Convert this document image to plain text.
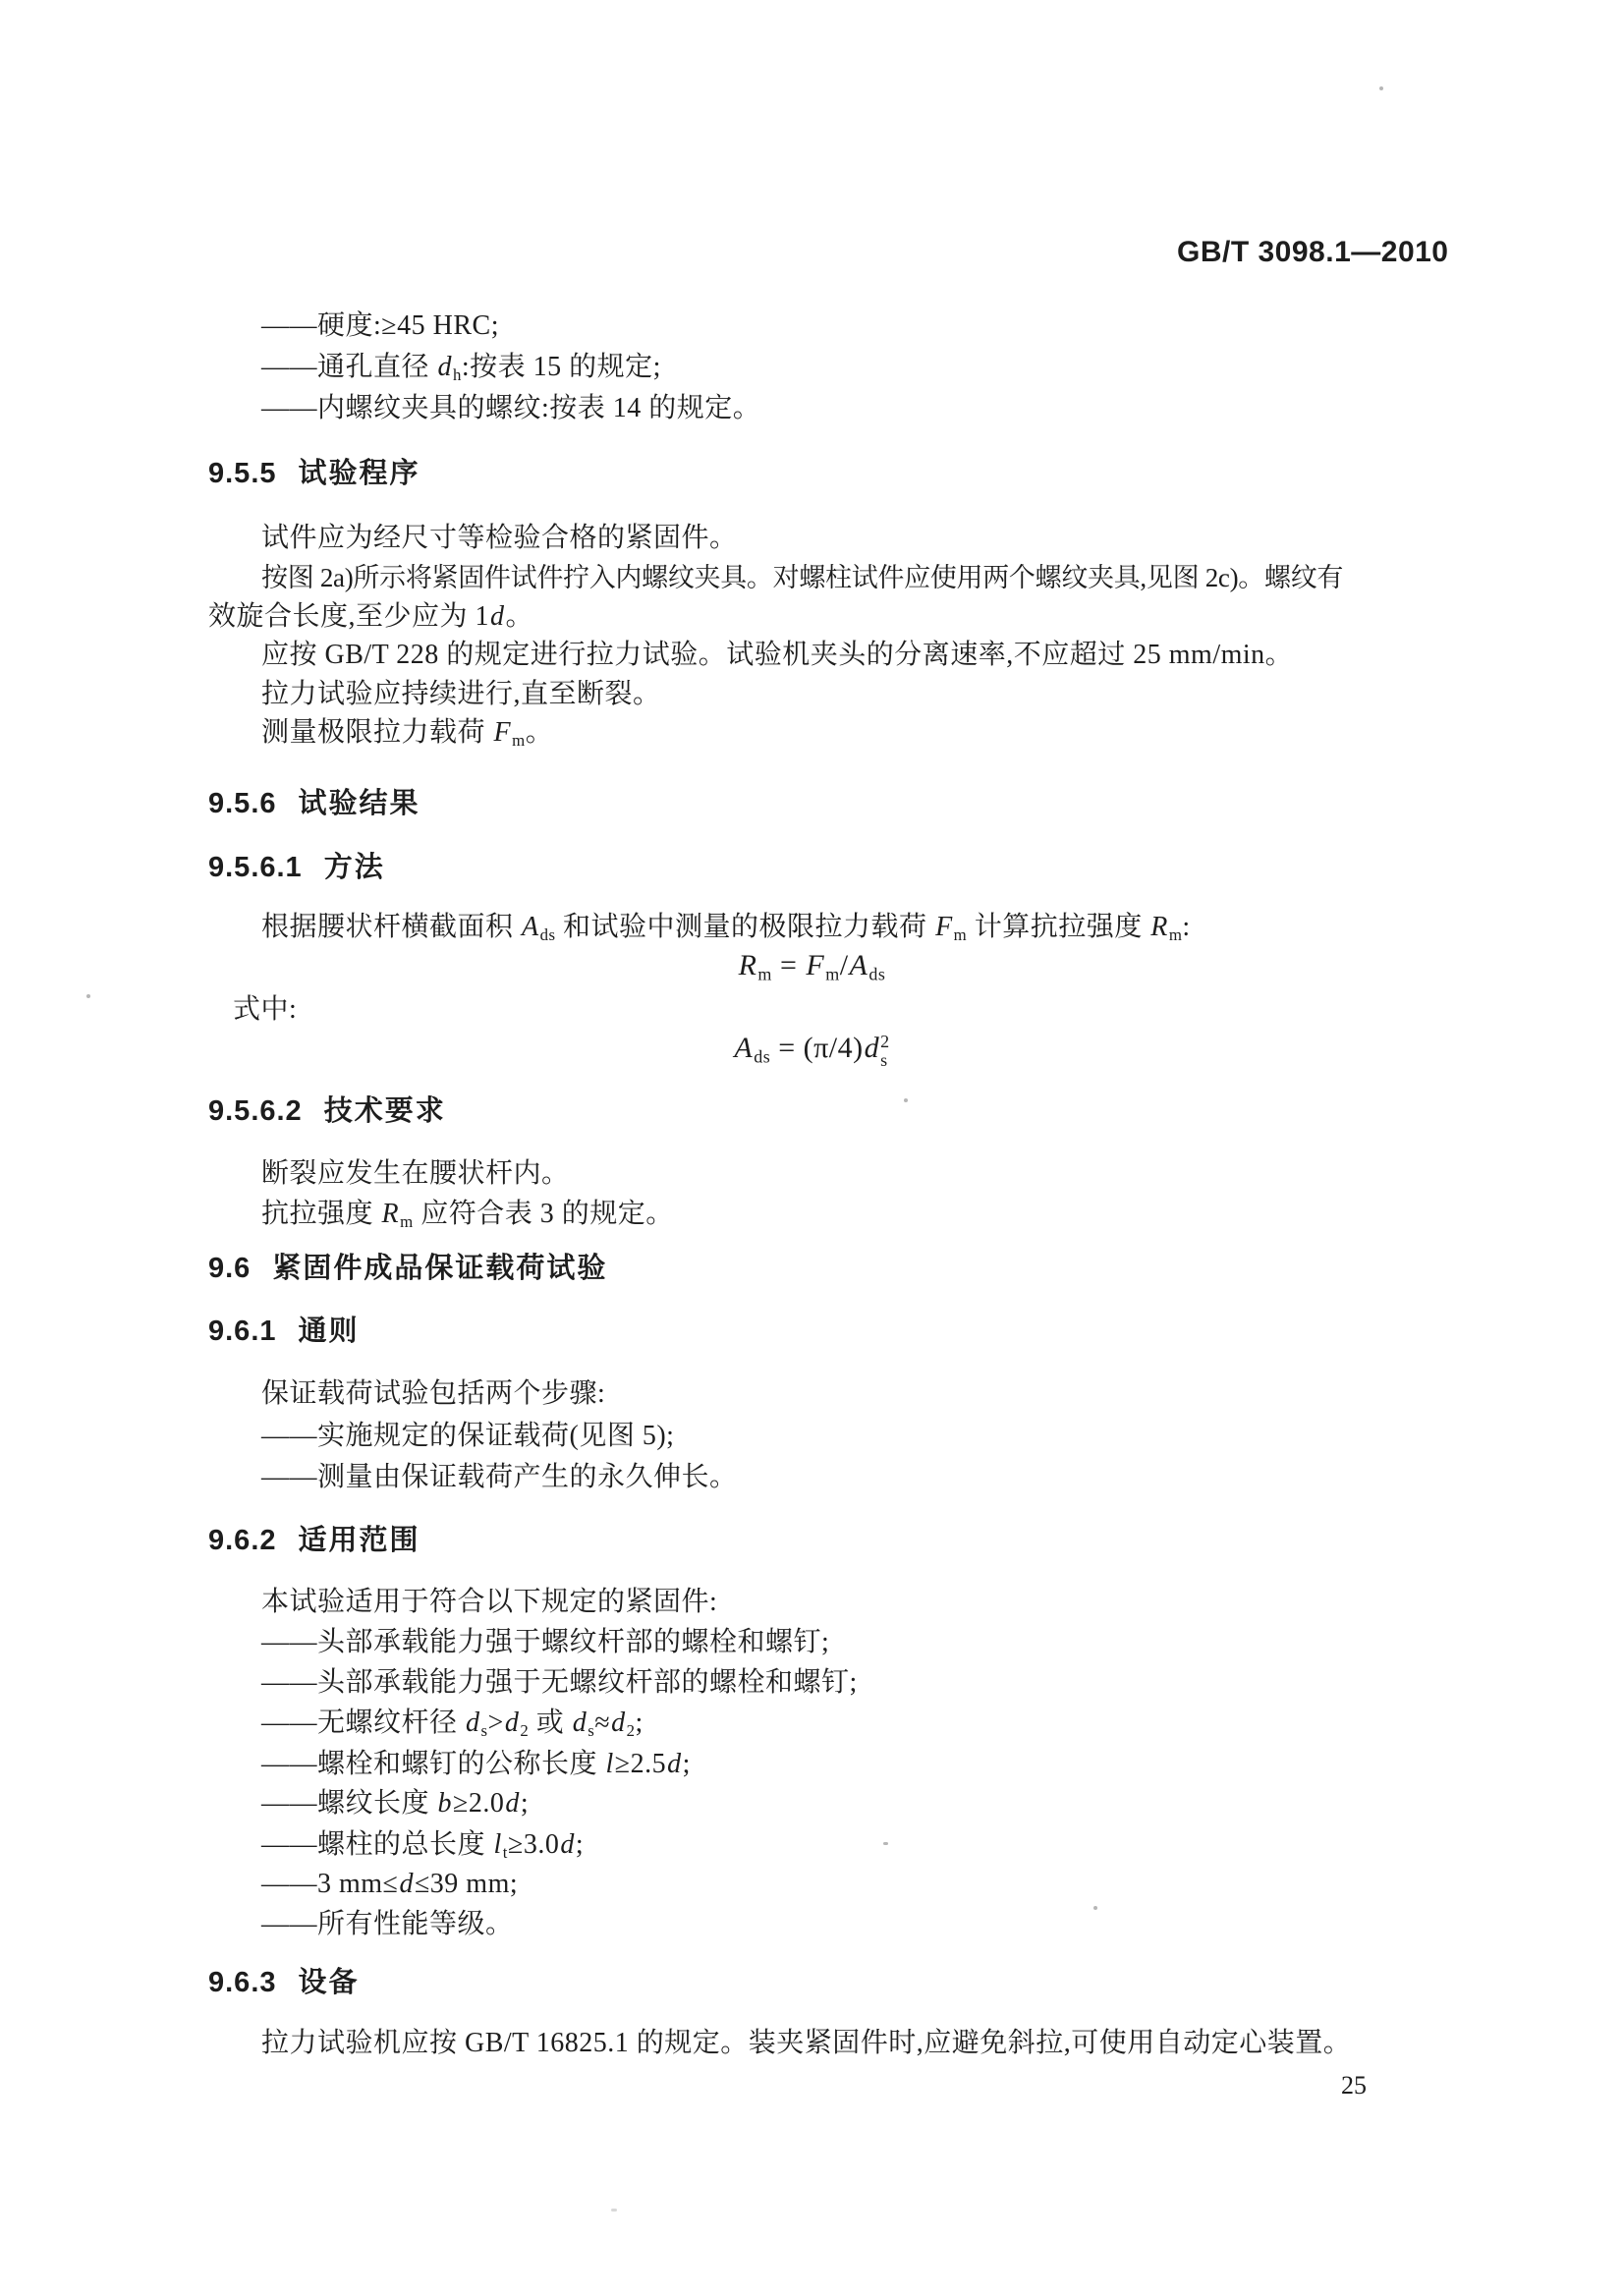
GB/T 3098.1—2010
——硬度:≥45 HRC;
——通孔直径 $d_h$:按表 15 的规定;
——内螺纹夹具的螺纹:按表 14 的规定。
9.5.5 试验程序
试件应为经尺寸等检验合格的紧固件。
按图 2a)所示将紧固件试件拧入内螺纹夹具。对螺柱试件应使用两个螺纹夹具,见图 2c)。螺纹有
效旋合长度,至少应为 1d。
应按 GB/T 228 的规定进行拉力试验。试验机夹头的分离速率,不应超过 25 mm/min。
拉力试验应持续进行,直至断裂。
测量极限拉力载荷 $F_m$。
9.5.6 试验结果
9.5.6.1 方法
根据腰状杆横截面积 $A_{ds}$ 和试验中测量的极限拉力载荷 $F_m$ 计算抗拉强度 $R_m$:
$R_m = F_m/A_{ds}$
式中:
$A_{ds} = (\pi/4)d$ 2
s
9.5.6.2 技术要求
断裂应发生在腰状杆内。
抗拉强度 $R_m$ 应符合表 3 的规定。
9.6 紧固件成品保证载荷试验
9.6.1 通则
保证载荷试验包括两个步骤:
——实施规定的保证载荷(见图 5);
——测量由保证载荷产生的永久伸长。
9.6.2 适用范围
本试验适用于符合以下规定的紧固件:
——头部承载能力强于螺纹杆部的螺栓和螺钉;
——头部承载能力强于无螺纹杆部的螺栓和螺钉;
——无螺纹杆径 $d_s>d_2$ 或 $d_s\approx d_2$;
——螺栓和螺钉的公称长度 l≥2.5d;
——螺纹长度 b≥2.0d;
——螺柱的总长度 $l_t\ge 3.0d$;
——3 mm≤d≤39 mm;
——所有性能等级。
9.6.3 设备
拉力试验机应按 GB/T 16825.1 的规定。装夹紧固件时,应避免斜拉,可使用自动定心装置。
25
